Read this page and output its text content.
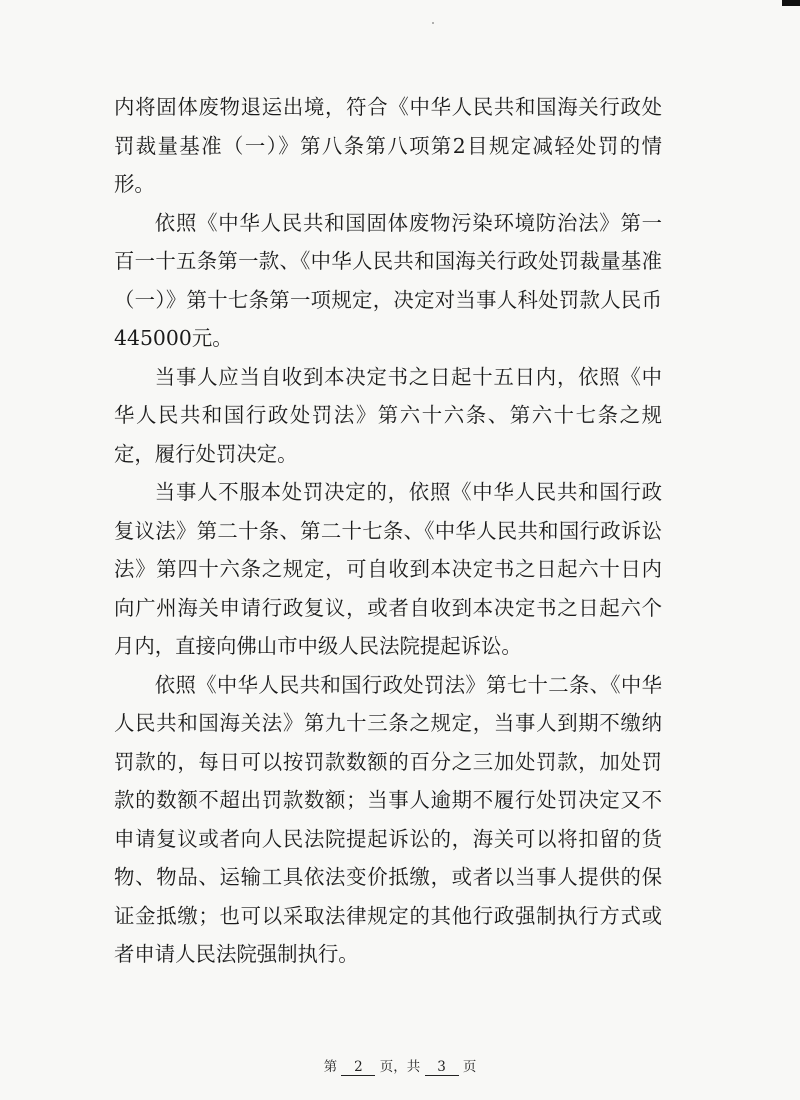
内将固体废物退运出境，符合《中华人民共和国海关行政处罚裁量基准（一）》第八条第八项第2目规定减轻处罚的情形。

依照《中华人民共和国固体废物污染环境防治法》第一百一十五条第一款、《中华人民共和国海关行政处罚裁量基准（一）》第十七条第一项规定，决定对当事人科处罚款人民币445000元。

当事人应当自收到本决定书之日起十五日内，依照《中华人民共和国行政处罚法》第六十六条、第六十七条之规定，履行处罚决定。

当事人不服本处罚决定的，依照《中华人民共和国行政复议法》第二十条、第二十七条、《中华人民共和国行政诉讼法》第四十六条之规定，可自收到本决定书之日起六十日内向广州海关申请行政复议，或者自收到本决定书之日起六个月内，直接向佛山市中级人民法院提起诉讼。

依照《中华人民共和国行政处罚法》第七十二条、《中华人民共和国海关法》第九十三条之规定，当事人到期不缴纳罚款的，每日可以按罚款数额的百分之三加处罚款，加处罚款的数额不超出罚款数额；当事人逾期不履行处罚决定又不申请复议或者向人民法院提起诉讼的，海关可以将扣留的货物、物品、运输工具依法变价抵缴，或者以当事人提供的保证金抵缴；也可以采取法律规定的其他行政强制执行方式或者申请人民法院强制执行。

第 2 页，共 3 页
